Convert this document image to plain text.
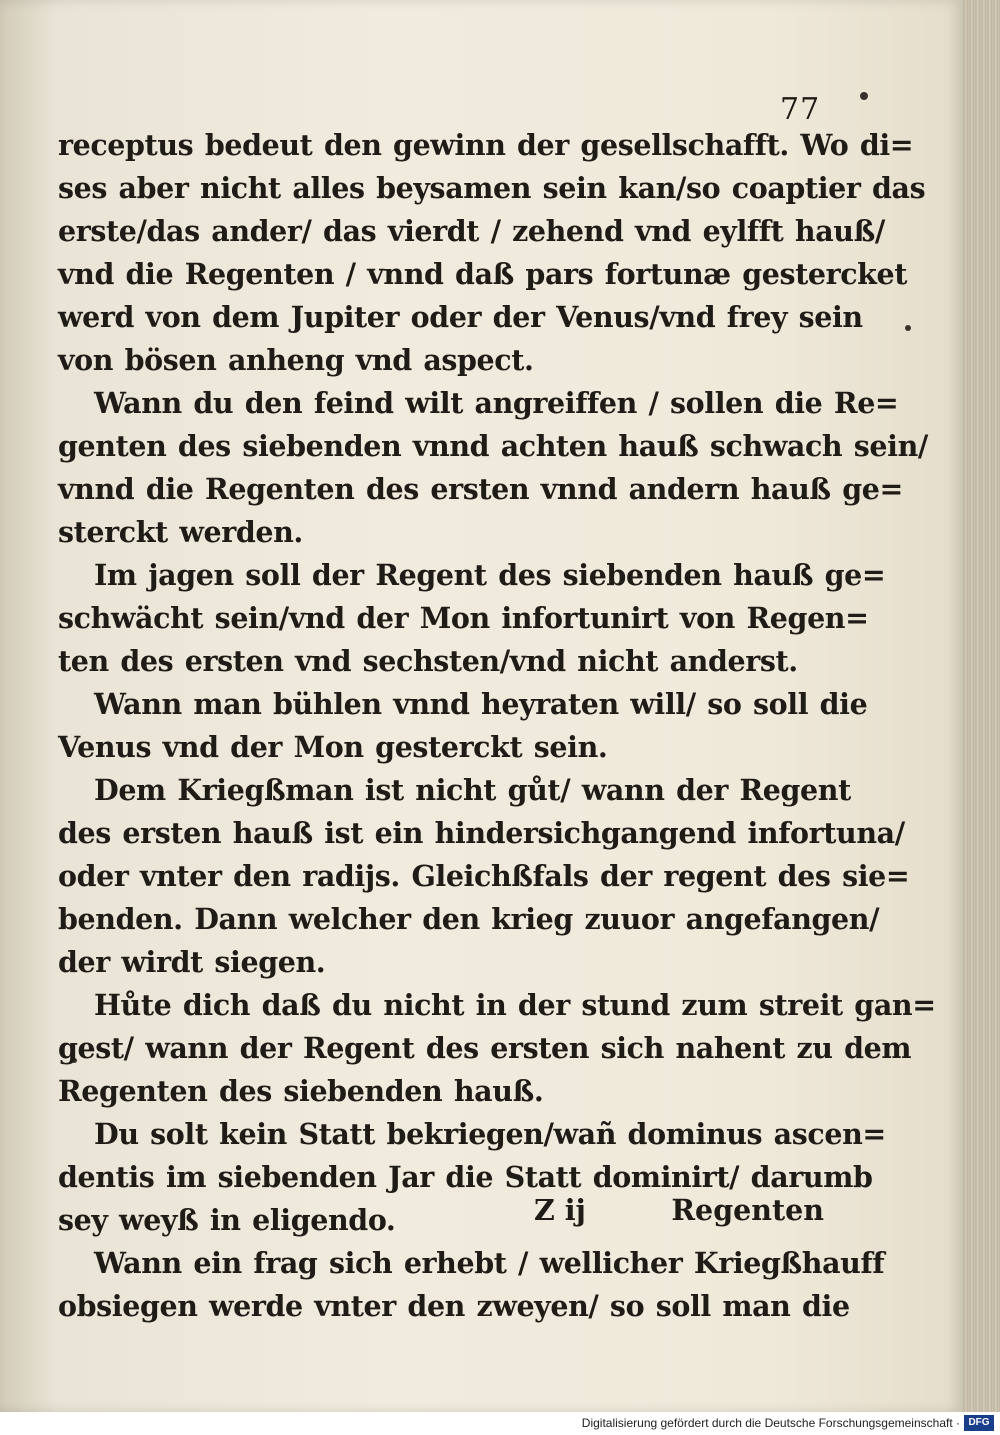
77
receptus bedeut den gewinn der gesellschafft. Wo di=
ses aber nicht alles beysamen sein kan/so coaptier das
erste/das ander/ das vierdt / zehend vnd eylfft hauß/
vnd die Regenten / vnnd daß pars fortunæ gestercket
werd von dem Jupiter oder der Venus/vnd frey sein
von bösen anheng vnd aspect.
Wann du den feind wilt angreiffen / sollen die Re=
genten des siebenden vnnd achten hauß schwach sein/
vnnd die Regenten des ersten vnnd andern hauß ge=
sterckt werden.
Im jagen soll der Regent des siebenden hauß ge=
schwächt sein/vnd der Mon infortunirt von Regen=
ten des ersten vnd sechsten/vnd nicht anderst.
Wann man bühlen vnnd heyraten will/ so soll die
Venus vnd der Mon gesterckt sein.
Dem Kriegßman ist nicht gůt/ wann der Regent
des ersten hauß ist ein hindersichgangend infortuna/
oder vnter den radijs. Gleichßfals der regent des sie=
benden. Dann welcher den krieg zuuor angefangen/
der wirdt siegen.
Hůte dich daß du nicht in der stund zum streit gan=
gest/ wann der Regent des ersten sich nahent zu dem
Regenten des siebenden hauß.
Du solt kein Statt bekriegen/wañ dominus ascen=
dentis im siebenden Jar die Statt dominirt/ darumb
sey weyß in eligendo.
Wann ein frag sich erhebt / wellicher Kriegßhauff
obsiegen werde vnter den zweyen/ so soll man die
Z ij	Regenten
Digitalisierung gefördert durch die Deutsche Forschungsgemeinschaft · DFG
